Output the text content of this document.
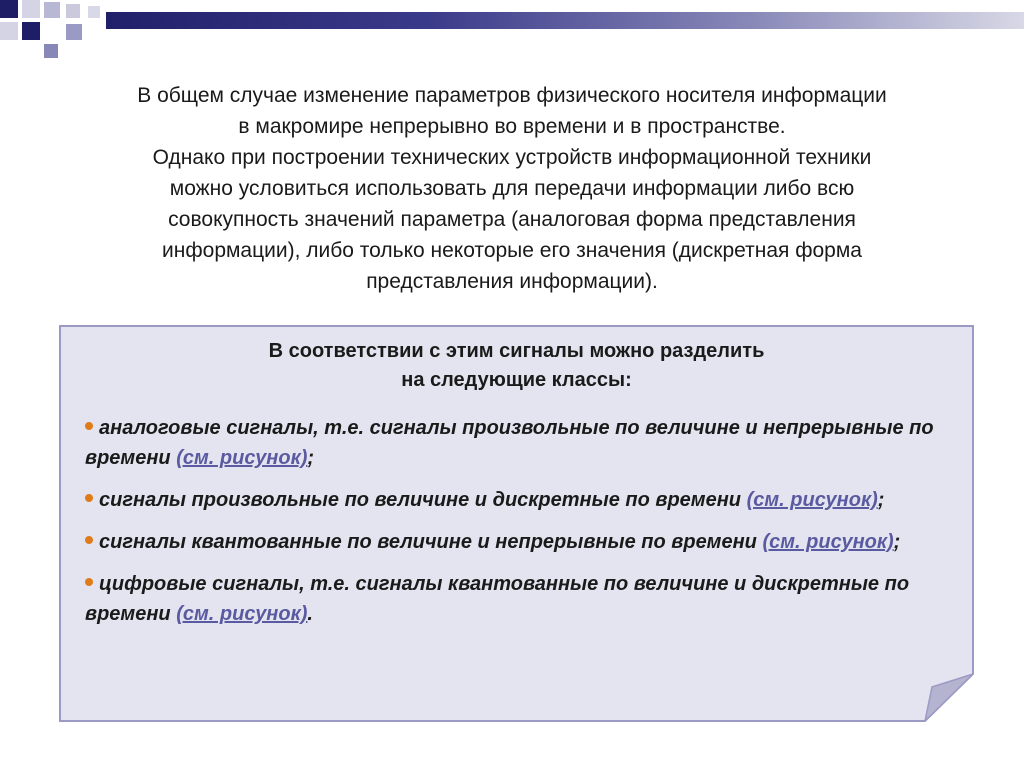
В общем случае изменение параметров физического носителя информации
в макромире непрерывно во времени и в пространстве.
Однако при построении технических устройств информационной техники
можно условиться использовать для передачи информации либо всю
совокупность значений параметра (аналоговая форма представления
информации), либо только некоторые его значения (дискретная форма
представления информации).

В соответствии с этим сигналы можно разделить
на следующие классы:
аналоговые сигналы, т.е. сигналы произвольные по величине и непрерывные по времени (см. рисунок);
сигналы произвольные по величине и дискретные по времени (см. рисунок);
сигналы квантованные по величине и непрерывные по времени (см. рисунок);
цифровые сигналы, т.е. сигналы квантованные по величине и дискретные по времени (см. рисунок).
